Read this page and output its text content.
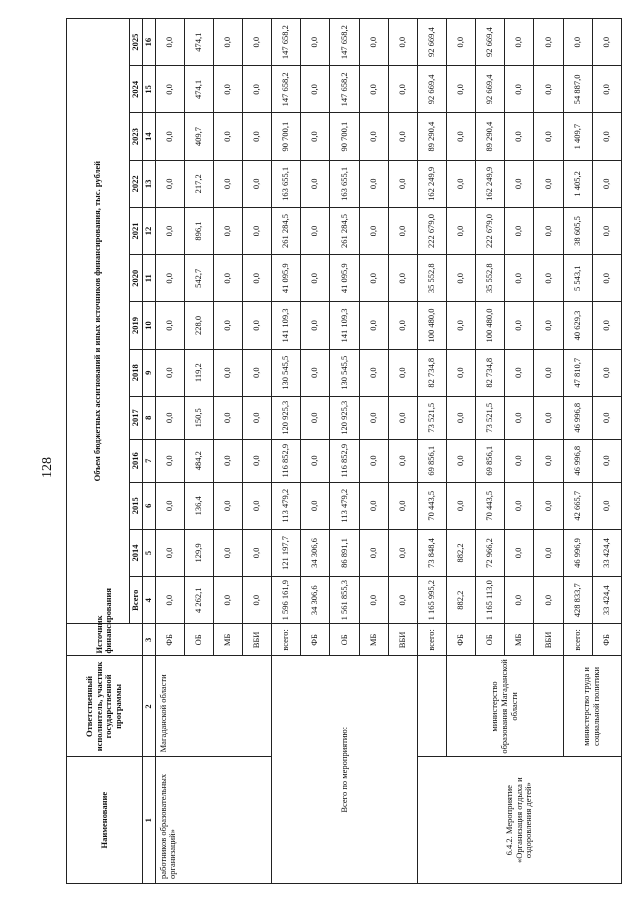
128
Наименование	Ответственный исполнитель, участник государственной программы	Источник финансирования	Объем бюджетных ассигнований и иных источников финансирования, тыс. рублей												
			Всего	2014	2015	2016	2017	2018	2019	2020	2021	2022	2023	2024	2025
1	2	3	4	5	6	7	8	9	10	11	12	13	14	15	16
работников образовательных организаций»	Магаданской области	ФБ	0,0	0,0	0,0	0,0	0,0	0,0	0,0	0,0	0,0	0,0	0,0	0,0	0,0
		ОБ	4 262,1	129,9	136,4	484,2	150,5	119,2	228,0	542,7	896,1	217,2	409,7	474,1	474,1
		МБ	0,0	0,0	0,0	0,0	0,0	0,0	0,0	0,0	0,0	0,0	0,0	0,0	0,0
		ВБИ	0,0	0,0	0,0	0,0	0,0	0,0	0,0	0,0	0,0	0,0	0,0	0,0	0,0
Всего по мероприятию:		всего:	1 596 161,9	121 197,7	113 479,2	116 852,9	120 925,3	130 545,5	141 109,3	41 095,9	261 284,5	163 655,1	90 700,1	147 658,2	147 658,2
		ФБ	34 306,6	34 306,6	0,0	0,0	0,0	0,0	0,0	0,0	0,0	0,0	0,0	0,0	0,0
		ОБ	1 561 855,3	86 891,1	113 479,2	116 852,9	120 925,3	130 545,5	141 109,3	41 095,9	261 284,5	163 655,1	90 700,1	147 658,2	147 658,2
		МБ	0,0	0,0	0,0	0,0	0,0	0,0	0,0	0,0	0,0	0,0	0,0	0,0	0,0
		ВБИ	0,0	0,0	0,0	0,0	0,0	0,0	0,0	0,0	0,0	0,0	0,0	0,0	0,0
6.4.2. Мероприятие «Организация отдыха и оздоровления детей»		всего:	1 165 995,2	73 848,4	70 443,5	69 856,1	73 521,5	82 734,8	100 480,0	35 552,8	222 679,0	162 249,9	89 290,4	92 669,4	92 669,4
	министерство образования Магаданской области	ФБ	882,2	882,2	0,0	0,0	0,0	0,0	0,0	0,0	0,0	0,0	0,0	0,0	0,0
		ОБ	1 165 113,0	72 966,2	70 443,5	69 856,1	73 521,5	82 734,8	100 480,0	35 552,8	222 679,0	162 249,9	89 290,4	92 669,4	92 669,4
		МБ	0,0	0,0	0,0	0,0	0,0	0,0	0,0	0,0	0,0	0,0	0,0	0,0	0,0
		ВБИ	0,0	0,0	0,0	0,0	0,0	0,0	0,0	0,0	0,0	0,0	0,0	0,0	0,0
	министерство труда и социальной политики	всего:	428 833,7	46 996,9	42 665,7	46 996,8	46 996,8	47 810,7	40 629,3	5 543,1	38 605,5	1 405,2	1 409,7	54 887,0	0,0
		ФБ	33 424,4	33 424,4	0,0	0,0	0,0	0,0	0,0	0,0	0,0	0,0	0,0	0,0	0,0
